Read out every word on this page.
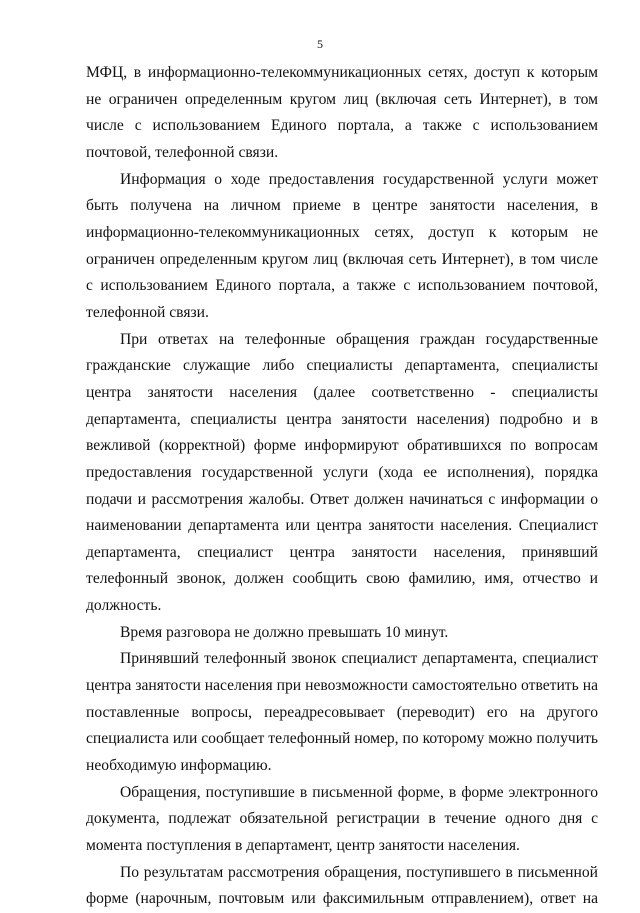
5

МФЦ, в информационно-телекоммуникационных сетях, доступ к которым не ограничен определенным кругом лиц (включая сеть Интернет), в том числе с использованием Единого портала, а также с использованием почтовой, телефонной связи.

Информация о ходе предоставления государственной услуги может быть получена на личном приеме в центре занятости населения, в информационно-телекоммуникационных сетях, доступ к которым не ограничен определенным кругом лиц (включая сеть Интернет), в том числе с использованием Единого портала, а также с использованием почтовой, телефонной связи.

При ответах на телефонные обращения граждан государственные гражданские служащие либо специалисты департамента, специалисты центра занятости населения (далее соответственно - специалисты департамента, специалисты центра занятости населения) подробно и в вежливой (корректной) форме информируют обратившихся по вопросам предоставления государственной услуги (хода ее исполнения), порядка подачи и рассмотрения жалобы. Ответ должен начинаться с информации о наименовании департамента или центра занятости населения. Специалист департамента, специалист центра занятости населения, принявший телефонный звонок, должен сообщить свою фамилию, имя, отчество и должность.

Время разговора не должно превышать 10 минут.

Принявший телефонный звонок специалист департамента, специалист центра занятости населения при невозможности самостоятельно ответить на поставленные вопросы, переадресовывает (переводит) его на другого специалиста или сообщает телефонный номер, по которому можно получить необходимую информацию.

Обращения, поступившие в письменной форме, в форме электронного документа, подлежат обязательной регистрации в течение одного дня с момента поступления в департамент, центр занятости населения.

По результатам рассмотрения обращения, поступившего в письменной форме (нарочным, почтовым или факсимильным отправлением), ответ на
